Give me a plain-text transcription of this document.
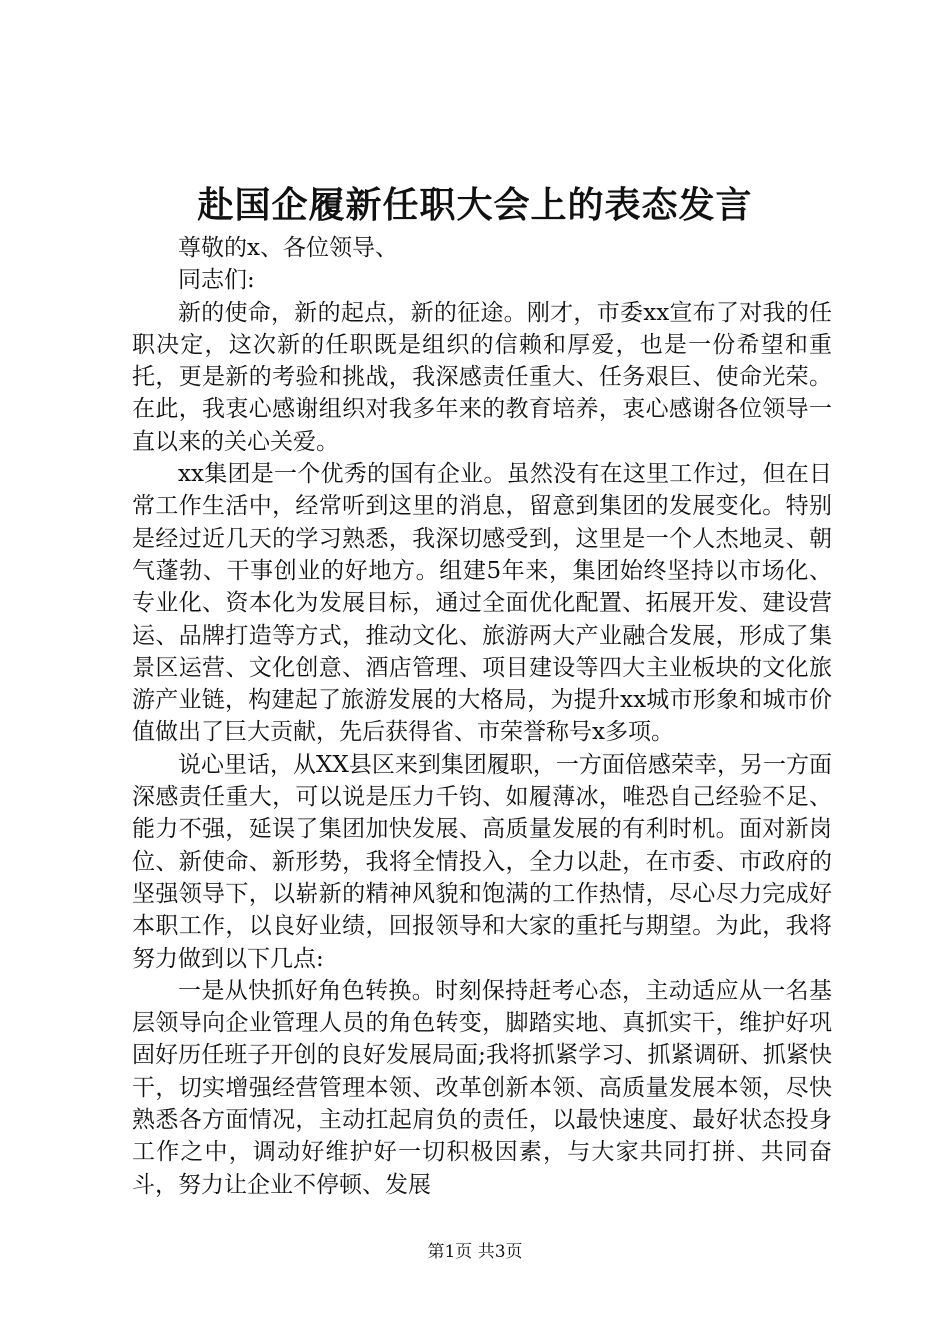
赴国企履新任职大会上的表态发言

尊敬的x、各位领导、

同志们:

新的使命，新的起点，新的征途。刚才，市委xx宣布了对我的任职决定，这次新的任职既是组织的信赖和厚爱，也是一份希望和重托，更是新的考验和挑战，我深感责任重大、任务艰巨、使命光荣。在此，我衷心感谢组织对我多年来的教育培养，衷心感谢各位领导一直以来的关心关爱。

xx集团是一个优秀的国有企业。虽然没有在这里工作过，但在日常工作生活中，经常听到这里的消息，留意到集团的发展变化。特别是经过近几天的学习熟悉，我深切感受到，这里是一个人杰地灵、朝气蓬勃、干事创业的好地方。组建5年来，集团始终坚持以市场化、专业化、资本化为发展目标，通过全面优化配置、拓展开发、建设营运、品牌打造等方式，推动文化、旅游两大产业融合发展，形成了集景区运营、文化创意、酒店管理、项目建设等四大主业板块的文化旅游产业链，构建起了旅游发展的大格局，为提升xx城市形象和城市价值做出了巨大贡献，先后获得省、市荣誉称号x多项。

说心里话，从XX县区来到集团履职，一方面倍感荣幸，另一方面深感责任重大，可以说是压力千钧、如履薄冰，唯恐自己经验不足、能力不强，延误了集团加快发展、高质量发展的有利时机。面对新岗位、新使命、新形势，我将全情投入，全力以赴，在市委、市政府的坚强领导下，以崭新的精神风貌和饱满的工作热情，尽心尽力完成好本职工作，以良好业绩，回报领导和大家的重托与期望。为此，我将努力做到以下几点:

一是从快抓好角色转换。时刻保持赶考心态，主动适应从一名基层领导向企业管理人员的角色转变，脚踏实地、真抓实干，维护好巩固好历任班子开创的良好发展局面;我将抓紧学习、抓紧调研、抓紧快干，切实增强经营管理本领、改革创新本领、高质量发展本领，尽快熟悉各方面情况，主动扛起肩负的责任，以最快速度、最好状态投身工作之中，调动好维护好一切积极因素，与大家共同打拼、共同奋斗，努力让企业不停顿、发展

第1页 共3页
